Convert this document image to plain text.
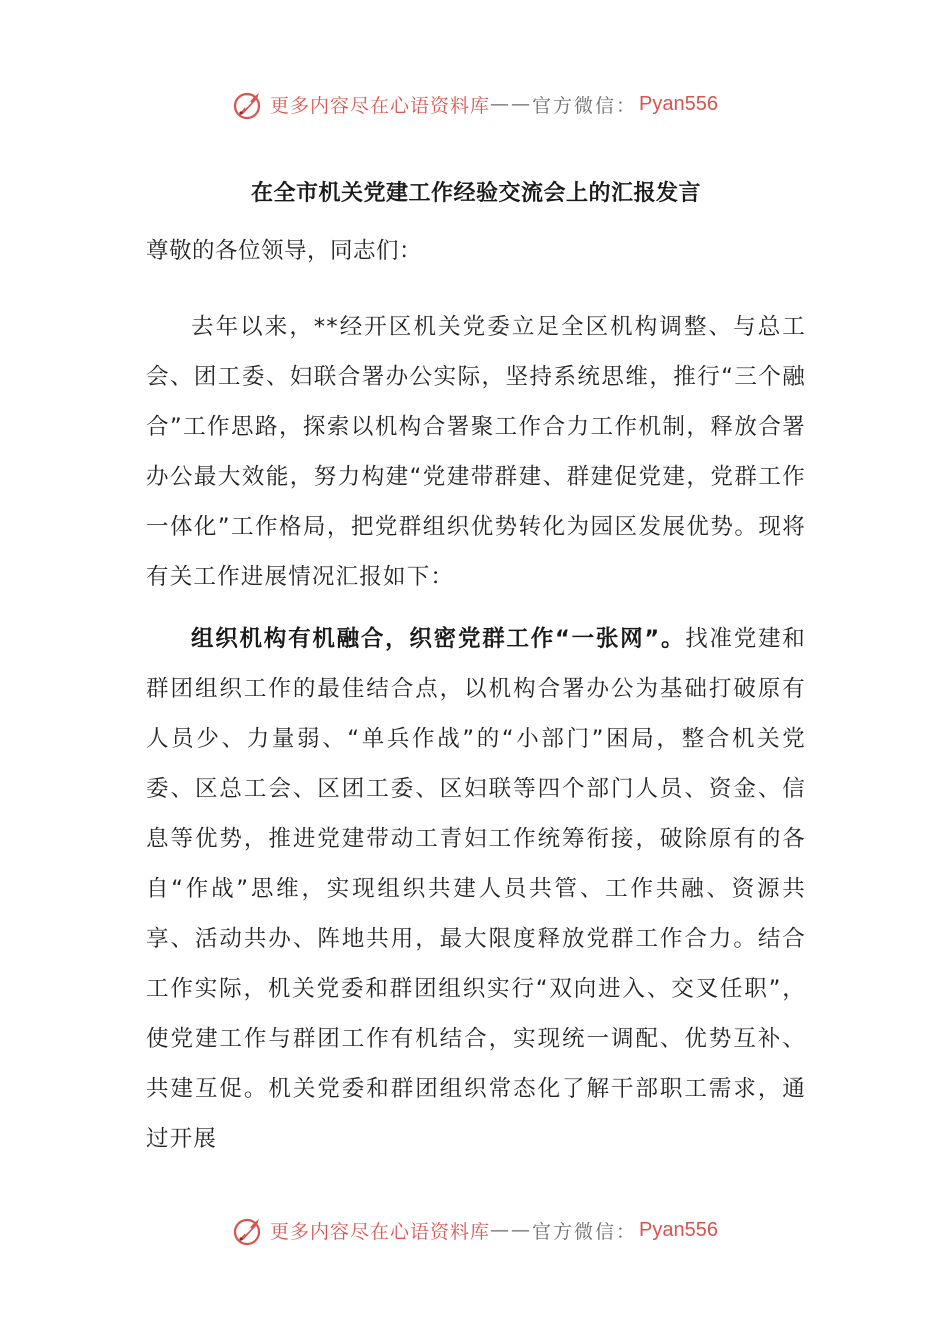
更多内容尽在心语资料库 —— 官方微信： Pyan556
在全市机关党建工作经验交流会上的汇报发言
尊敬的各位领导，同志们：

去年以来，**经开区机关党委立足全区机构调整、与总工会、团工委、妇联合署办公实际，坚持系统思维，推行“三个融合”工作思路，探索以机构合署聚工作合力工作机制，释放合署办公最大效能，努力构建“党建带群建、群建促党建，党群工作一体化”工作格局，把党群组织优势转化为园区发展优势。现将有关工作进展情况汇报如下：

组织机构有机融合，织密党群工作“一张网”。找准党建和群团组织工作的最佳结合点，以机构合署办公为基础打破原有人员少、力量弱、“单兵作战”的“小部门”困局，整合机关党委、区总工会、区团工委、区妇联等四个部门人员、资金、信息等优势，推进党建带动工青妇工作统筹衔接，破除原有的各自“作战”思维，实现组织共建人员共管、工作共融、资源共享、活动共办、阵地共用，最大限度释放党群工作合力。结合工作实际，机关党委和群团组织实行“双向进入、交叉任职”，使党建工作与群团工作有机结合，实现统一调配、优势互补、共建互促。机关党委和群团组织常态化了解干部职工需求，通过开展

更多内容尽在心语资料库 —— 官方微信： Pyan556
